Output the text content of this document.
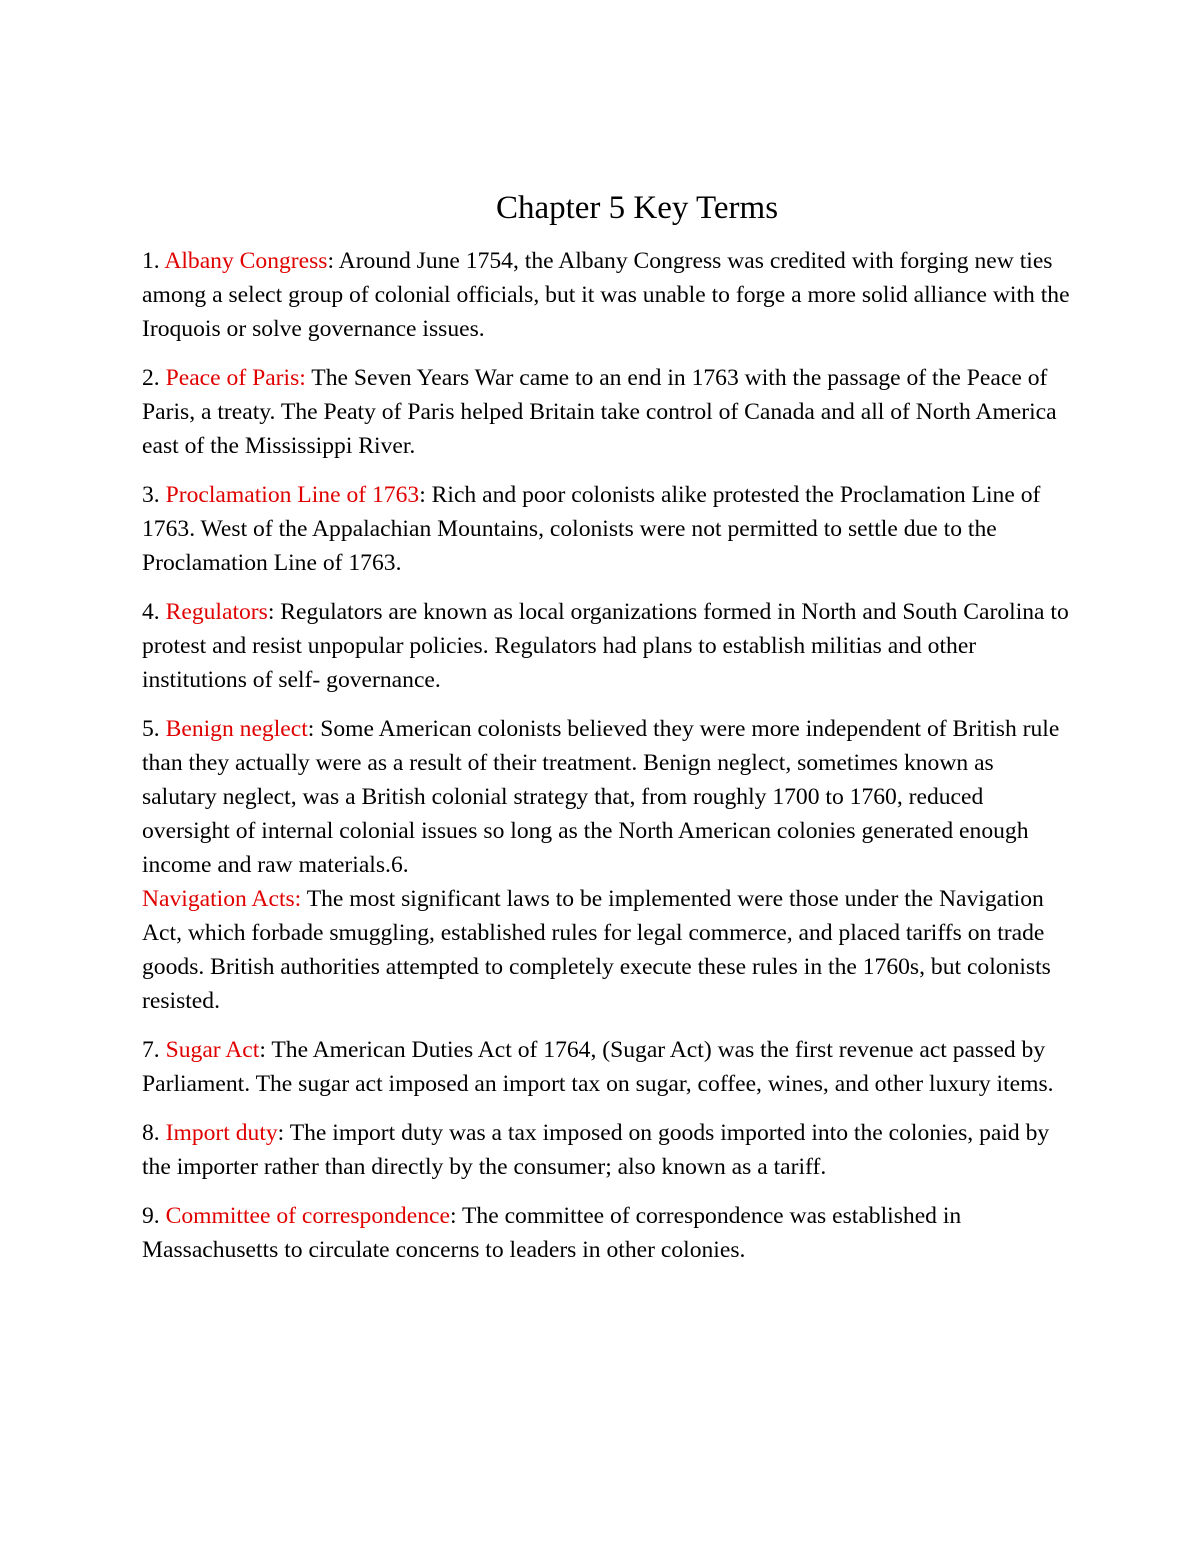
Chapter 5 Key Terms

1. Albany Congress: Around June 1754, the Albany Congress was credited with forging new ties among a select group of colonial officials, but it was unable to forge a more solid alliance with the Iroquois or solve governance issues.

2. Peace of Paris: The Seven Years War came to an end in 1763 with the passage of the Peace of Paris, a treaty. The Peaty of Paris helped Britain take control of Canada and all of North America east of the Mississippi River.

3. Proclamation Line of 1763: Rich and poor colonists alike protested the Proclamation Line of 1763. West of the Appalachian Mountains, colonists were not permitted to settle due to the Proclamation Line of 1763.

4. Regulators: Regulators are known as local organizations formed in North and South Carolina to protest and resist unpopular policies. Regulators had plans to establish militias and other institutions of self- governance.

5. Benign neglect: Some American colonists believed they were more independent of British rule than they actually were as a result of their treatment. Benign neglect, sometimes known as salutary neglect, was a British colonial strategy that, from roughly 1700 to 1760, reduced oversight of internal colonial issues so long as the North American colonies generated enough income and raw materials.6.
Navigation Acts: The most significant laws to be implemented were those under the Navigation Act, which forbade smuggling, established rules for legal commerce, and placed tariffs on trade goods. British authorities attempted to completely execute these rules in the 1760s, but colonists resisted.

7. Sugar Act: The American Duties Act of 1764, (Sugar Act) was the first revenue act passed by Parliament. The sugar act imposed an import tax on sugar, coffee, wines, and other luxury items.

8. Import duty: The import duty was a tax imposed on goods imported into the colonies, paid by the importer rather than directly by the consumer; also known as a tariff.

9. Committee of correspondence: The committee of correspondence was established in Massachusetts to circulate concerns to leaders in other colonies.
